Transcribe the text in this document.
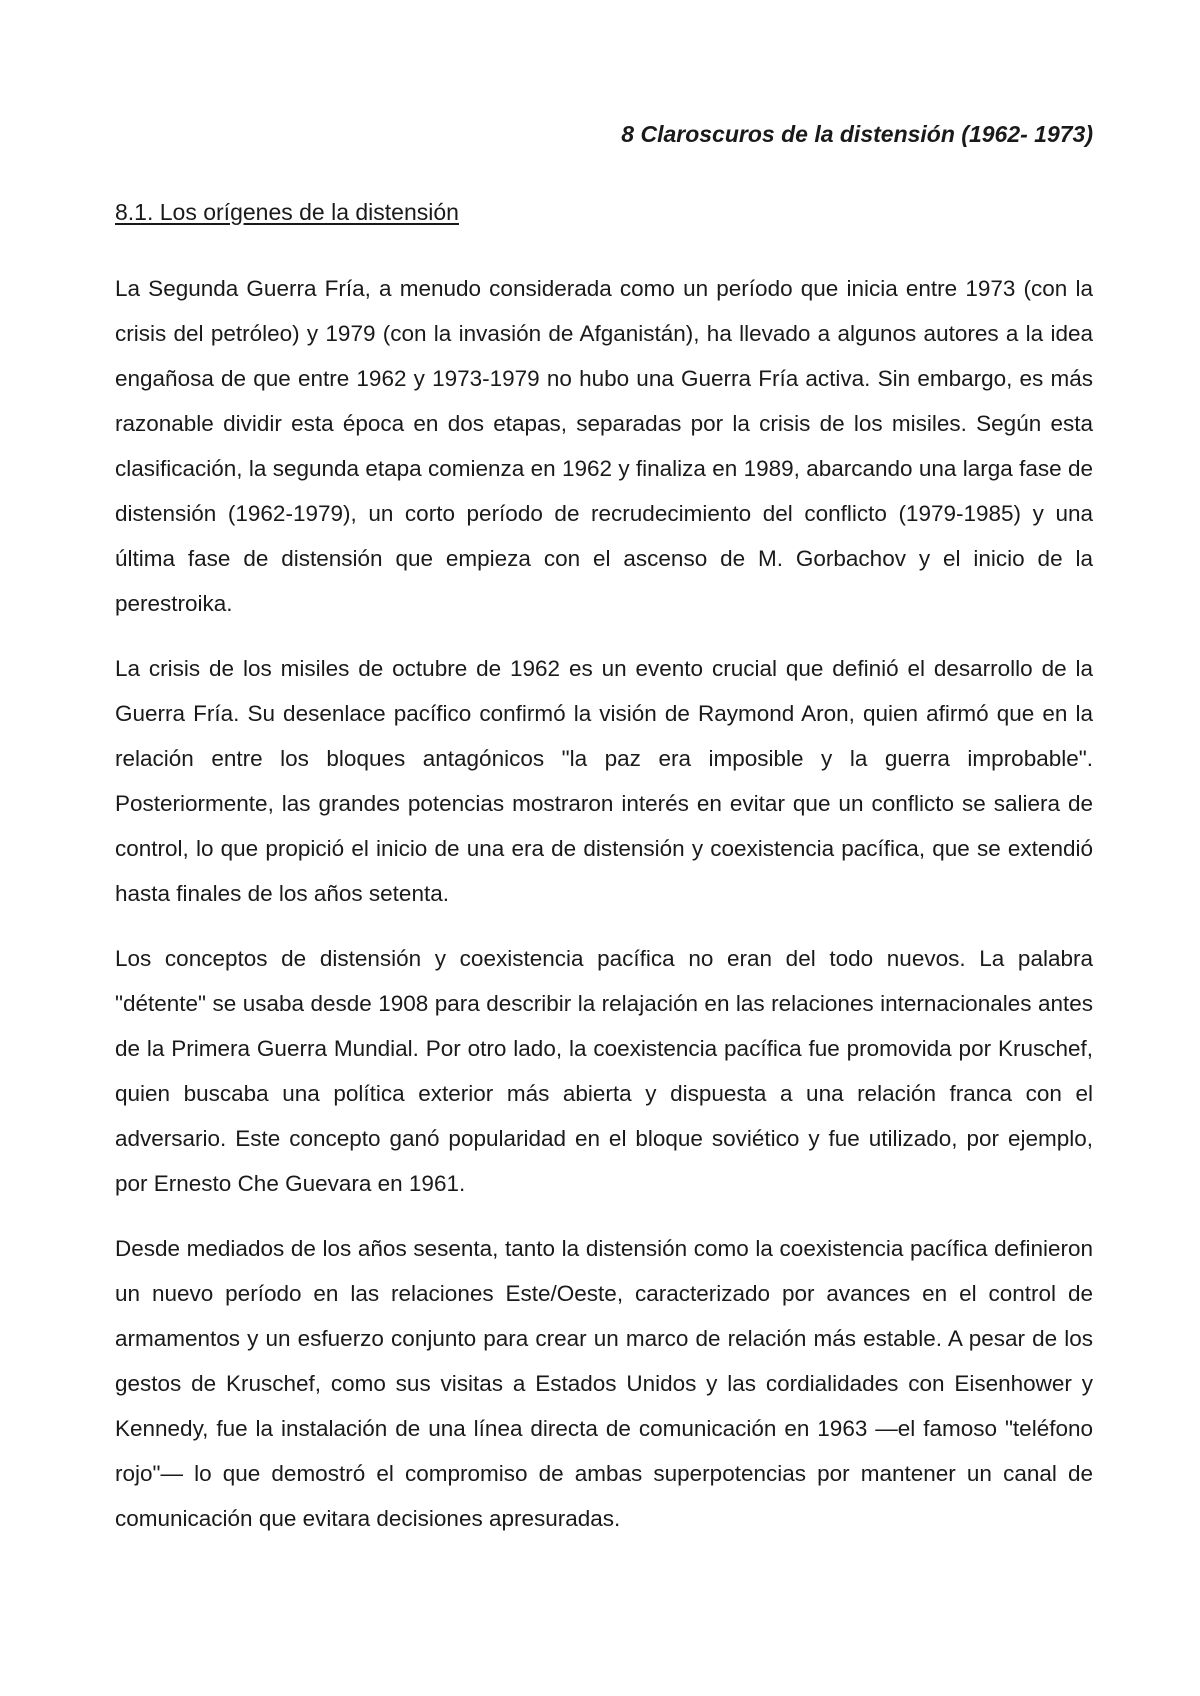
8 Claroscuros de la distensión (1962- 1973)
8.1. Los orígenes de la distensión

La Segunda Guerra Fría, a menudo considerada como un período que inicia entre 1973 (con la crisis del petróleo) y 1979 (con la invasión de Afganistán), ha llevado a algunos autores a la idea engañosa de que entre 1962 y 1973-1979 no hubo una Guerra Fría activa. Sin embargo, es más razonable dividir esta época en dos etapas, separadas por la crisis de los misiles. Según esta clasificación, la segunda etapa comienza en 1962 y finaliza en 1989, abarcando una larga fase de distensión (1962-1979), un corto período de recrudecimiento del conflicto (1979-1985) y una última fase de distensión que empieza con el ascenso de M. Gorbachov y el inicio de la perestroika.

La crisis de los misiles de octubre de 1962 es un evento crucial que definió el desarrollo de la Guerra Fría. Su desenlace pacífico confirmó la visión de Raymond Aron, quien afirmó que en la relación entre los bloques antagónicos "la paz era imposible y la guerra improbable". Posteriormente, las grandes potencias mostraron interés en evitar que un conflicto se saliera de control, lo que propició el inicio de una era de distensión y coexistencia pacífica, que se extendió hasta finales de los años setenta.

Los conceptos de distensión y coexistencia pacífica no eran del todo nuevos. La palabra "détente" se usaba desde 1908 para describir la relajación en las relaciones internacionales antes de la Primera Guerra Mundial. Por otro lado, la coexistencia pacífica fue promovida por Kruschef, quien buscaba una política exterior más abierta y dispuesta a una relación franca con el adversario. Este concepto ganó popularidad en el bloque soviético y fue utilizado, por ejemplo, por Ernesto Che Guevara en 1961.

Desde mediados de los años sesenta, tanto la distensión como la coexistencia pacífica definieron un nuevo período en las relaciones Este/Oeste, caracterizado por avances en el control de armamentos y un esfuerzo conjunto para crear un marco de relación más estable. A pesar de los gestos de Kruschef, como sus visitas a Estados Unidos y las cordialidades con Eisenhower y Kennedy, fue la instalación de una línea directa de comunicación en 1963 —el famoso "teléfono rojo"— lo que demostró el compromiso de ambas superpotencias por mantener un canal de comunicación que evitara decisiones apresuradas.
